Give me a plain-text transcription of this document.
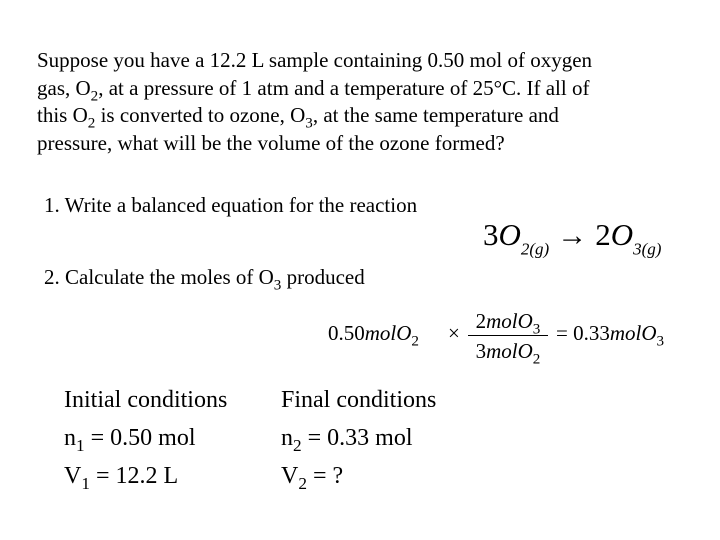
Suppose you have a 12.2 L sample containing 0.50 mol of oxygen
gas, $O_2$, at a pressure of 1 atm and a temperature of 25°C. If all of
this $O_2$ is converted to ozone, $O_3$, at the same temperature and
pressure, what will be the volume of the ozone formed?
1. Write a balanced equation for the reaction
$3O_{2(g)} \to 2O_{3(g)}$
2. Calculate the moles of $O_3$ produced
0.50molO$_2$ × 2molO$_3$
3molO$_2$
= 0.33molO$_3$
Initial conditions Final conditions
$n_1 = 0.50$ mol	$n_2 = 0.33$ mol
$V_1 = 12.2$ L	$V_2$ = ?
